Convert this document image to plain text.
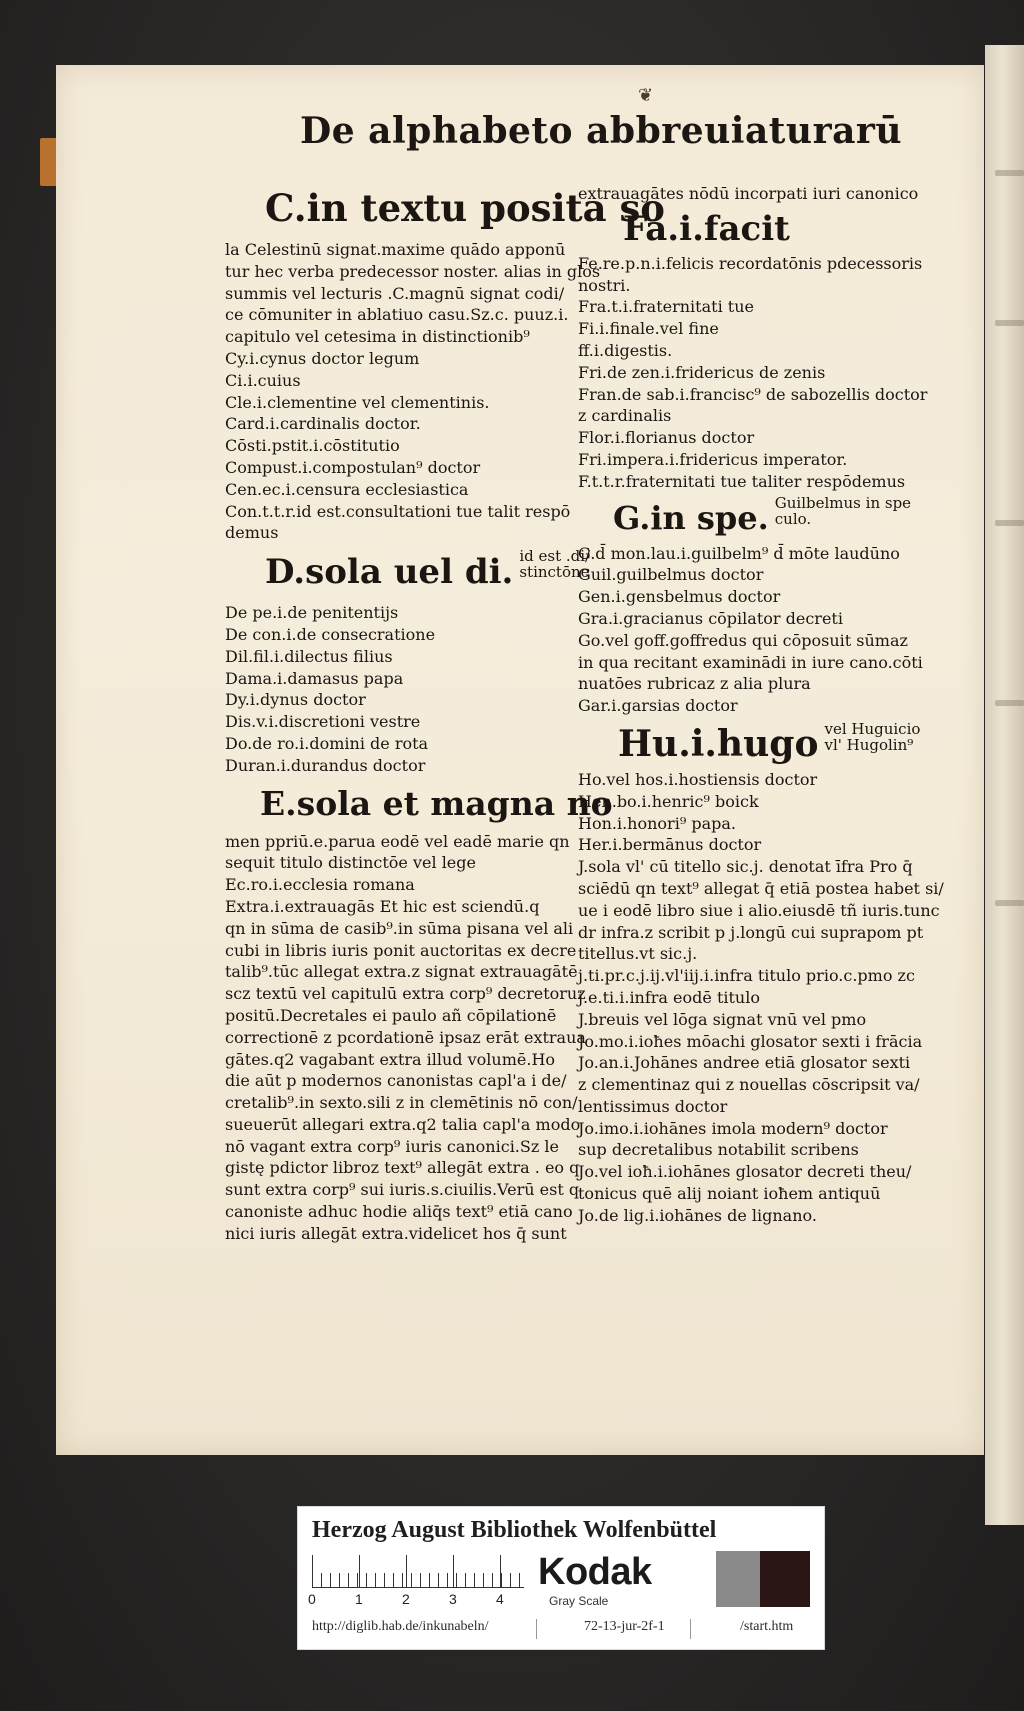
❦
De alphabeto abbreuiaturarū
C.in textu posita so
la Celestinū signat.maxime quādo apponū
tur hec verba predecessor noster. alias in glos
summis vel lecturis .C.magnū signat codi/
ce cōmuniter in ablatiuo casu.Sz.c. puuz.i.
capitulo vel cetesima in distinctionib⁹
Cy.i.cynus doctor legum
Ci.i.cuius
Cle.i.clementine vel clementinis.
Card.i.cardinalis doctor.
Cōsti.pstit.i.cōstitutio
Compust.i.compostulan⁹ doctor
Cen.ec.i.censura ecclesiastica
Con.t.t.r.id est.consultationi tue talit respō
demus
D.sola uel di. id est .di/
stinctōne
De pe.i.de penitentijs
De con.i.de consecratione
Dil.fil.i.dilectus filius
Dama.i.damasus papa
Dy.i.dynus doctor
Dis.v.i.discretioni vestre
Do.de ro.i.domini de rota
Duran.i.durandus doctor
E.sola et magna no
men ppriū.e.parua eodē vel eadē marie qn
sequit titulo distinctōe vel lege
Ec.ro.i.ecclesia romana
Extra.i.extrauagās Et hic est sciendū.q
qn in sūma de casib⁹.in sūma pisana vel ali
cubi in libris iuris ponit auctoritas ex decre
talib⁹.tūc allegat extra.z signat extrauagātē
scz textū vel capitulū extra corp⁹ decretoruz
positū.Decretales ei paulo añ cōpilationē
correctionē z pcordationē ipsaz erāt extraua
gātes.q2 vagabant extra illud volumē.Ho
die aūt p modernos canonistas capl'a i de/
cretalib⁹.in sexto.sili z in clemētinis nō con/
sueuerūt allegari extra.q2 talia capl'a modo
nō vagant extra corp⁹ iuris canonici.Sz le
gistę pdictor libroz text⁹ allegāt extra . eo q
sunt extra corp⁹ sui iuris.s.ciuilis.Verū est q
canoniste adhuc hodie aliq̄s text⁹ etiā cano
nici iuris allegāt extra.videlicet hos q̄ sunt
extrauagātes nōdū incorpati iuri canonico
Fa.i.facit
Fe.re.p.n.i.felicis recordatōnis pdecessoris
nostri.
Fra.t.i.fraternitati tue
Fi.i.finale.vel fine
ff.i.digestis.
Fri.de zen.i.fridericus de zenis
Fran.de sab.i.francisc⁹ de sabozellis doctor
z cardinalis
Flor.i.florianus doctor
Fri.impera.i.fridericus imperator.
F.t.t.r.fraternitati tue taliter respōdemus
G.in spe. Guilbelmus in spe
culo.
G.d̄ mon.lau.i.guilbelm⁹ d̄ mōte laudūno
Guil.guilbelmus doctor
Gen.i.gensbelmus doctor
Gra.i.gracianus cōpilator decreti
Go.vel goff.goffredus qui cōposuit sūmaz
in qua recitant examinādi in iure cano.cōti
nuatōes rubricaz z alia plura
Gar.i.garsias doctor
Hu.i.hugo vel Huguicio
vl' Hugolin⁹
Ho.vel hos.i.hostiensis doctor
Hen.bo.i.henric⁹ boick
Hon.i.honori⁹ papa.
Her.i.bermānus doctor
J.sola vl' cū titello sic.j. denotat īfra Pro q̄
sciēdū qn text⁹ allegat q̄ etiā postea habet si/
ue i eodē libro siue i alio.eiusdē tñ iuris.tunc
dr infra.z scribit p j.longū cui suprapom pt
titellus.vt sic.j.
j.ti.pr.c.j.ij.vl'iij.i.infra titulo prio.c.pmo zc
j.e.ti.i.infra eodē titulo
J.breuis vel lōga signat vnū vel pmo
Jo.mo.i.ioħes mōachi glosator sexti i frācia
Jo.an.i.Johānes andree etiā glosator sexti
z clementinaz qui z nouellas cōscripsit va/
lentissimus doctor
Jo.imo.i.iohānes imola modern⁹ doctor
sup decretalibus notabilit scribens
Jo.vel ioħ.i.iohānes glosator decreti theu/
tonicus quē alij noiant ioħem antiquū
Jo.de lig.i.iohānes de lignano.
Herzog August Bibliothek Wolfenbüttel
0	1	2	3	4
Kodak
Gray Scale
http://diglib.hab.de/inkunabeln/	72-13-jur-2f-1	/start.htm
